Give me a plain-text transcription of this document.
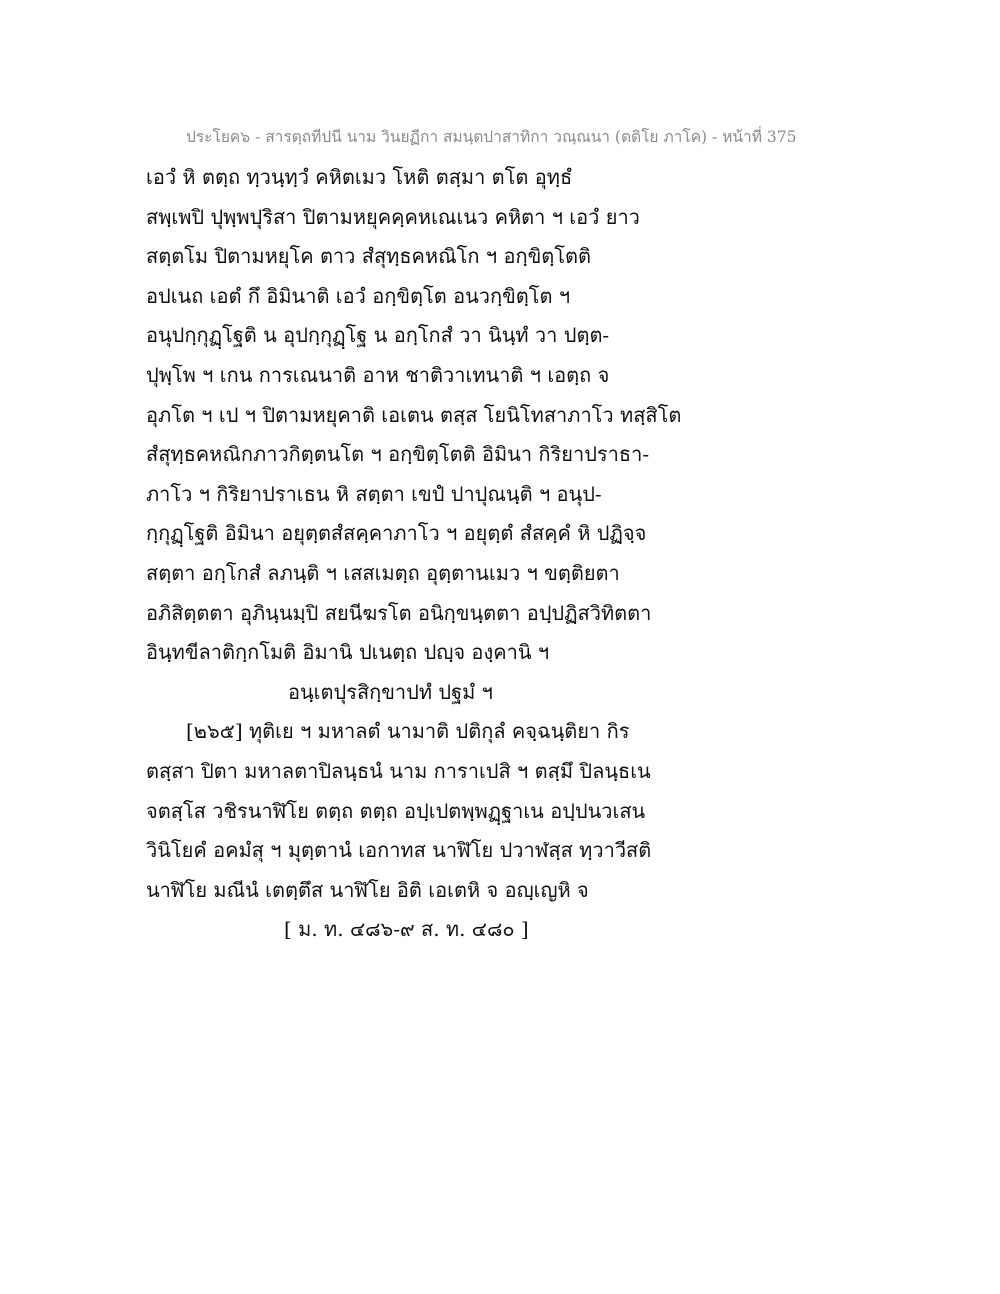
ประโยค๖ - สารตฺถทีปนี นาม วินยฏีกา สมนฺตปาสาทิกา วณฺณนา (ตติโย ภาโค) - หน้าที่ 375
เอวํ หิ ตตฺถ ทฺวนฺทฺวํ คหิตเมว โหติ ตสฺมา ตโต อุทฺธํ
สพฺเพปิ ปุพฺพปุริสา ปิตามหยุคคฺคหเณเนว คหิตา ฯ เอวํ ยาว
สตฺตโม ปิตามหยุโค ตาว สํสุทฺธคหณิโก ฯ อกฺขิตฺโตติ
อปเนถ เอตํ กึ อิมินาติ เอวํ อกฺขิตฺโต อนวกฺขิตฺโต ฯ
อนุปกฺกุฏฺโฐติ น อุปกฺกุฏฺโฐ น อกฺโกสํ วา นินฺทํ วา ปตฺต-
ปุพฺโพ ฯ เกน การเณนาติ อาห ชาติวาเทนาติ ฯ เอตฺถ จ
อุภโต ฯ เป ฯ ปิตามหยุคาติ เอเตน ตสฺส โยนิโทสาภาโว ทสฺสิโต
สํสุทฺธคหณิกภาวกิตฺตนโต ฯ อกฺขิตฺโตติ อิมินา กิริยาปราธา-
ภาโว ฯ กิริยาปราเธน หิ สตฺตา เขปํ ปาปุณนฺติ ฯ อนุป-
กฺกุฏฺโฐติ อิมินา อยุตฺตสํสคฺคาภาโว ฯ อยุตฺตํ สํสคฺคํ หิ ปฏิจฺจ
สตฺตา อกฺโกสํ ลภนฺติ ฯ เสสเมตฺถ อุตฺตานเมว ฯ ขตฺติยตา
อภิสิตฺตตา อุภินฺนมฺปิ สยนีฆรโต อนิกฺขนฺตตา อปฺปฏิสวิทิตตา
อินฺทขีลาติกฺกโมติ อิมานิ ปเนตฺถ ปญฺจ องฺคานิ ฯ
อนฺเตปุรสิกฺขาปทํ ปฐมํ ฯ
[๒๖๕] ทุติเย ฯ มหาลตํ นามาติ ปติกุลํ คจฺฉนฺติยา กิร
ตสฺสา ปิตา มหาลตาปิลนฺธนํ นาม การาเปสิ ฯ ตสฺมึ ปิลนฺธเน
จตสฺโส วชิรนาฬิโย ตตฺถ ตตฺถ อปฺเปตพฺพฏฺฐาเน อปฺปนวเสน
วินิโยคํ อคมํสุ ฯ มุตฺตานํ เอกาทส นาฬิโย ปวาฬสฺส ทฺวาวีสติ
นาฬิโย มณีนํ เตตฺตึส นาฬิโย อิติ เอเตหิ จ อญฺเญหิ จ
[ ม. ท. ๔๘๖-๙ ส. ท. ๔๘๐ ]
